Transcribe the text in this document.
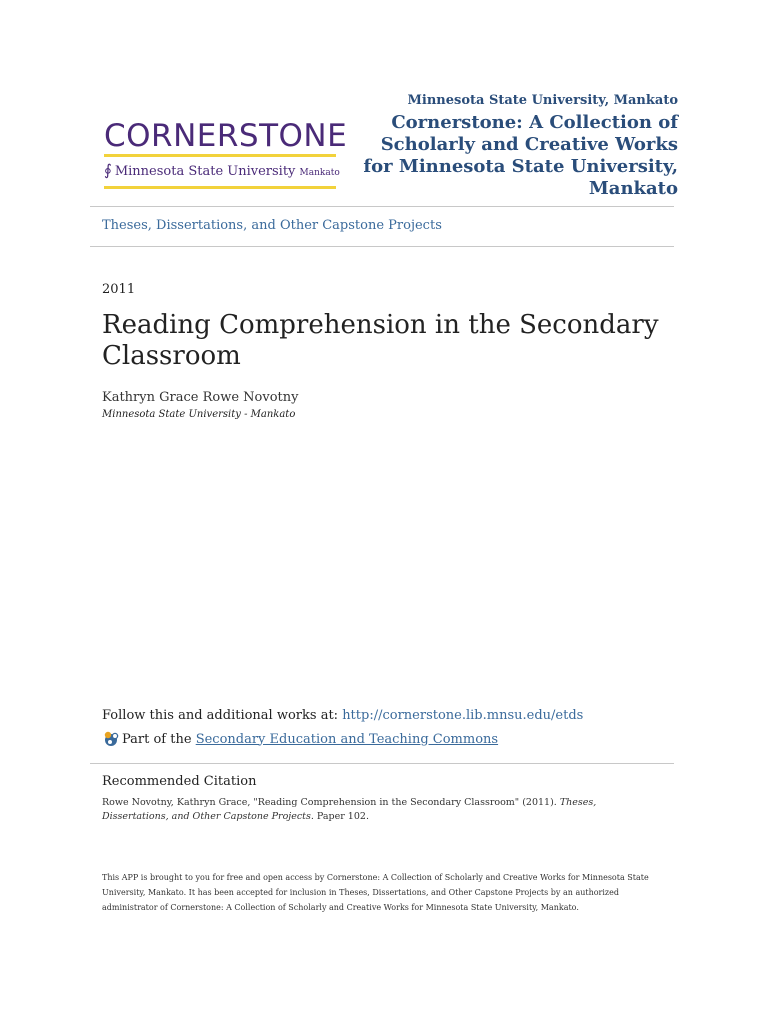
CORNERSTONE
∮ Minnesota State University Mankato
Minnesota State University, Mankato
Cornerstone: A Collection of Scholarly and Creative Works for Minnesota State University, Mankato
Theses, Dissertations, and Other Capstone Projects
2011
Reading Comprehension in the Secondary Classroom
Kathryn Grace Rowe Novotny
Minnesota State University - Mankato
Follow this and additional works at: http://cornerstone.lib.mnsu.edu/etds
Part of the
Secondary Education and Teaching Commons
Recommended Citation
Rowe Novotny, Kathryn Grace, "Reading Comprehension in the Secondary Classroom" (2011). Theses, Dissertations, and Other Capstone Projects. Paper 102.
This APP is brought to you for free and open access by Cornerstone: A Collection of Scholarly and Creative Works for Minnesota State University, Mankato. It has been accepted for inclusion in Theses, Dissertations, and Other Capstone Projects by an authorized administrator of Cornerstone: A Collection of Scholarly and Creative Works for Minnesota State University, Mankato.
